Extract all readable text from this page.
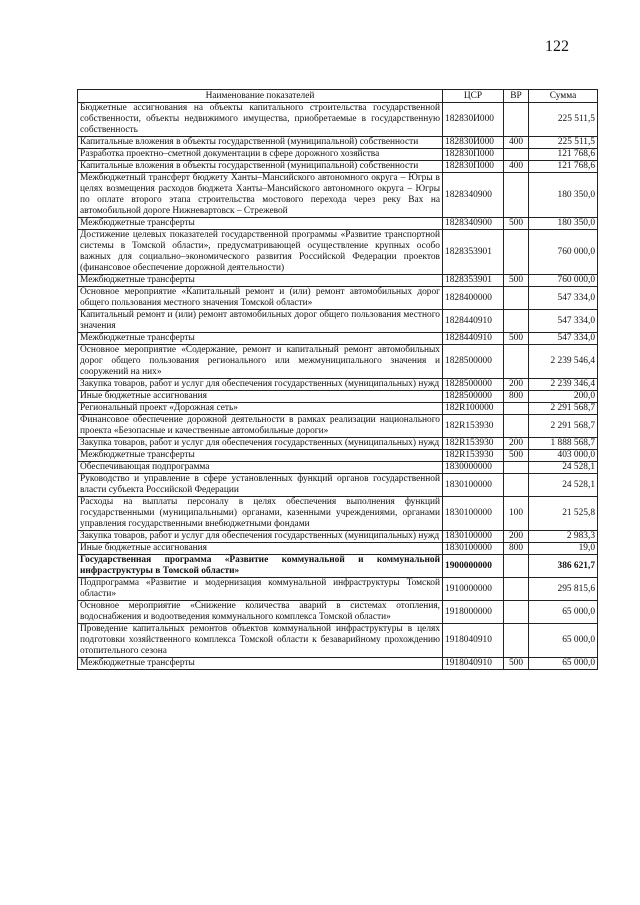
122
Наименование показателей	ЦСР	ВР	Сумма
Бюджетные ассигнования на объекты капитального строительства государственной собственности, объекты недвижимого имущества, приобретаемые в государственную собственность	182830И000		225 511,5
Капитальные вложения в объекты государственной (муниципальной) собственности	182830И000	400	225 511,5
Разработка проектно–сметной документации в сфере дорожного хозяйства	182830П000		121 768,6
Капитальные вложения в объекты государственной (муниципальной) собственности	182830П000	400	121 768,6
Межбюджетный трансферт бюджету Ханты–Мансийского автономного округа – Югры в целях возмещения расходов бюджета Ханты–Мансийского автономного округа – Югры по оплате второго этапа строительства мостового перехода через реку Вах на автомобильной дороге Нижневартовск – Стрежевой	1828340900		180 350,0
Межбюджетные трансферты	1828340900	500	180 350,0
Достижение целевых показателей государственной программы «Развитие транспортной системы в Томской области», предусматривающей осуществление крупных особо важных для социально–экономического развития Российской Федерации проектов (финансовое обеспечение дорожной деятельности)	1828353901		760 000,0
Межбюджетные трансферты	1828353901	500	760 000,0
Основное мероприятие «Капитальный ремонт и (или) ремонт автомобильных дорог общего пользования местного значения Томской области»	1828400000		547 334,0
Капитальный ремонт и (или) ремонт автомобильных дорог общего пользования местного значения	1828440910		547 334,0
Межбюджетные трансферты	1828440910	500	547 334,0
Основное мероприятие «Содержание, ремонт и капитальный ремонт автомобильных дорог общего пользования регионального или межмуниципального значения и сооружений на них»	1828500000		2 239 546,4
Закупка товаров, работ и услуг для обеспечения государственных (муниципальных) нужд	1828500000	200	2 239 346,4
Иные бюджетные ассигнования	1828500000	800	200,0
Региональный проект «Дорожная сеть»	182R100000		2 291 568,7
Финансовое обеспечение дорожной деятельности в рамках реализации национального проекта «Безопасные и качественные автомобильные дороги»	182R153930		2 291 568,7
Закупка товаров, работ и услуг для обеспечения государственных (муниципальных) нужд	182R153930	200	1 888 568,7
Межбюджетные трансферты	182R153930	500	403 000,0
Обеспечивающая подпрограмма	1830000000		24 528,1
Руководство и управление в сфере установленных функций органов государственной власти субъекта Российской Федерации	1830100000		24 528,1
Расходы на выплаты персоналу в целях обеспечения выполнения функций государственными (муниципальными) органами, казенными учреждениями, органами управления государственными внебюджетными фондами	1830100000	100	21 525,8
Закупка товаров, работ и услуг для обеспечения государственных (муниципальных) нужд	1830100000	200	2 983,3
Иные бюджетные ассигнования	1830100000	800	19,0
Государственная программа «Развитие коммунальной и коммунальной инфраструктуры в Томской области»	1900000000		386 621,7
Подпрограмма «Развитие и модернизация коммунальной инфраструктуры Томской области»	1910000000		295 815,6
Основное мероприятие «Снижение количества аварий в системах отопления, водоснабжения и водоотведения коммунального комплекса Томской области»	1918000000		65 000,0
Проведение капитальных ремонтов объектов коммунальной инфраструктуры в целях подготовки хозяйственного комплекса Томской области к безаварийному прохождению отопительного сезона	1918040910		65 000,0
Межбюджетные трансферты	1918040910	500	65 000,0
